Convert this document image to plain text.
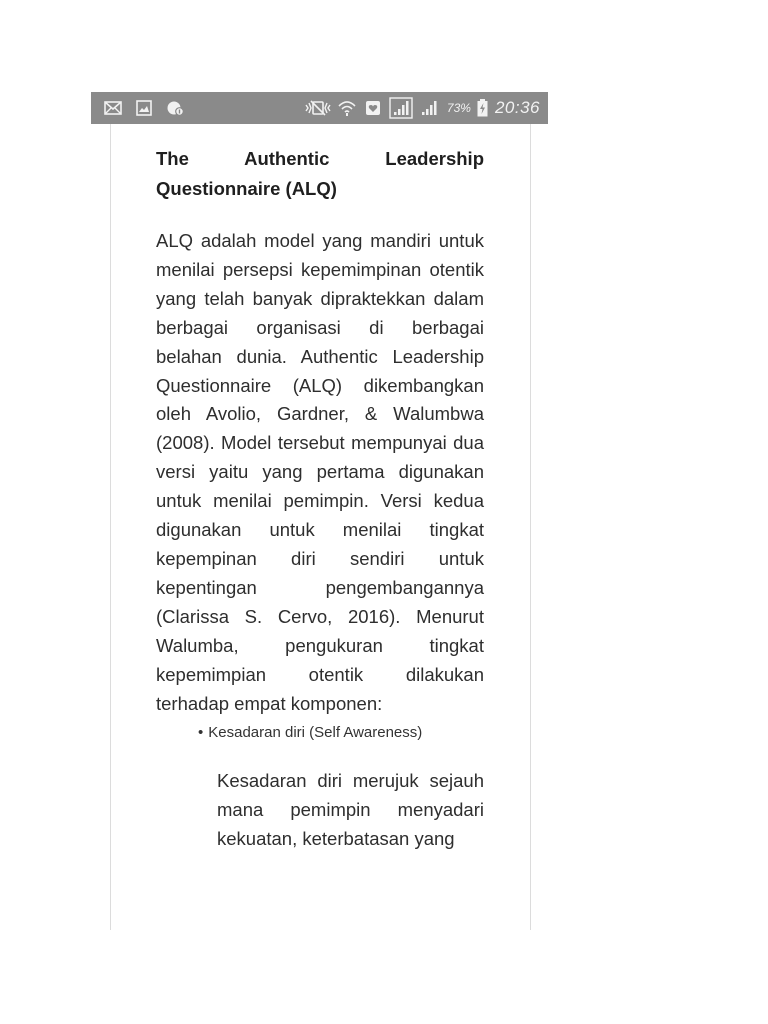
73% 20:36
The Authentic Leadership Questionnaire (ALQ)

ALQ adalah model yang mandiri untuk menilai persepsi kepemimpinan otentik yang telah banyak dipraktekkan dalam berbagai organisasi di berbagai belahan dunia. Authentic Leadership Questionnaire (ALQ) dikembangkan oleh Avolio, Gardner, & Walumbwa (2008). Model tersebut mempunyai dua versi yaitu yang pertama digunakan untuk menilai pemimpin. Versi kedua digunakan untuk menilai tingkat kepempinan diri sendiri untuk kepentingan pengembangannya (Clarissa S. Cervo, 2016). Menurut Walumba, pengukuran tingkat kepemimpian otentik dilakukan terhadap empat komponen:

• Kesadaran diri (Self Awareness)

Kesadaran diri merujuk sejauh mana pemimpin menyadari kekuatan, keterbatasan yang
